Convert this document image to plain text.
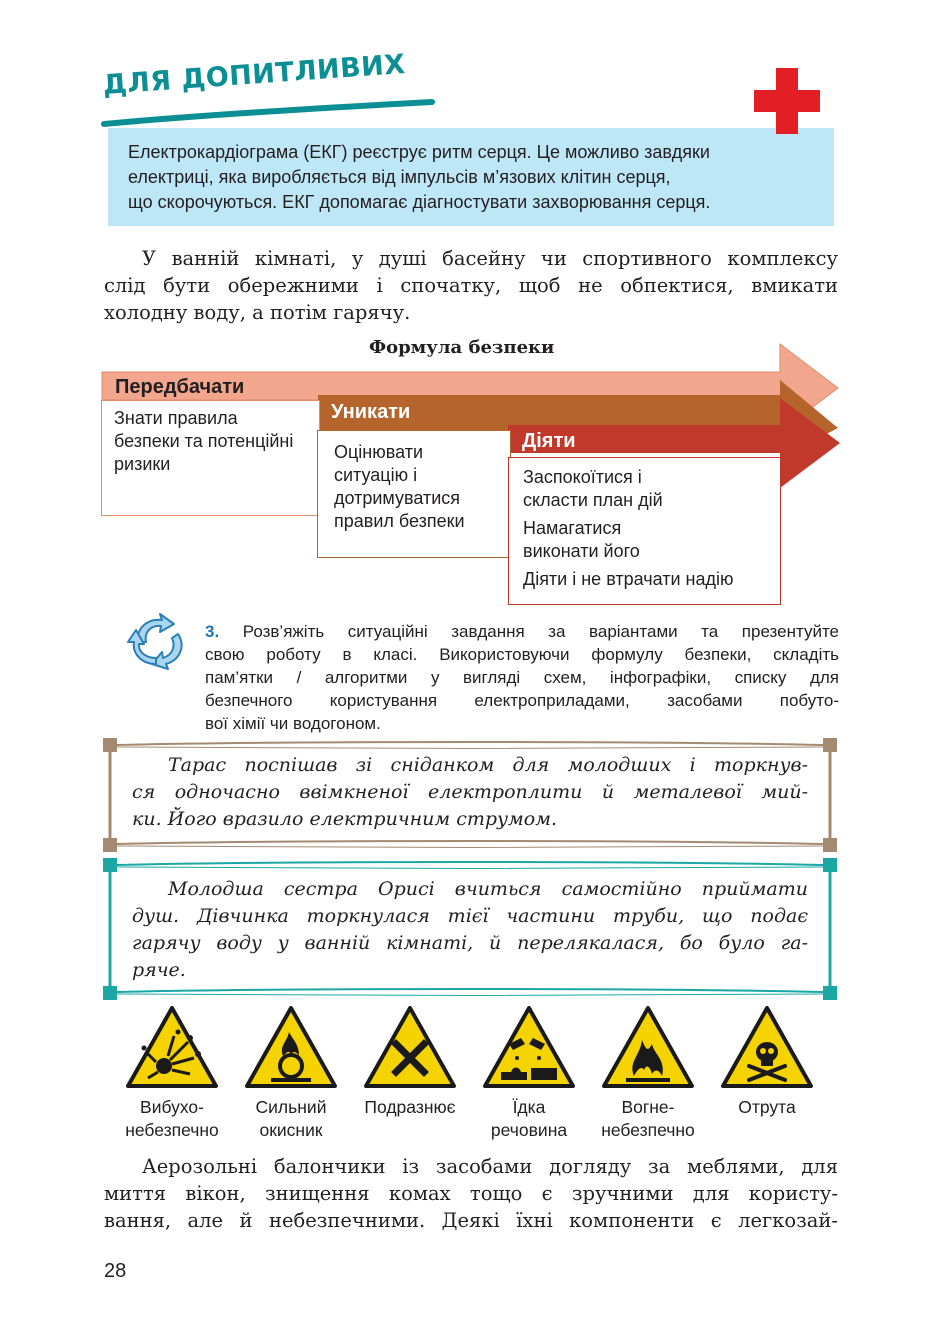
ДЛЯ ДОПИТЛИВИХ
Електрокардіограма (ЕКГ) реєструє ритм серця. Це можливо завдяки
електриці, яка виробляється від імпульсів м’язових клітин серця,
що скорочуються. ЕКГ допомагає діагностувати захворювання серця.
У ванній кімнаті, у душі басейну чи спортивного комплексу
слід бути обережними і спочатку, щоб не обпектися, вмикати
холодну воду, а потім гарячу.
Формула безпеки
Передбачати
Знати правила безпеки та потенційні ризики
Уникати
Оцінювати ситуацію і дотримуватися правил безпеки
Діяти
Заспокоїтися і скласти план дій
Намагатися виконати його
Діяти і не втрачати надію
3. Розв’яжіть ситуаційні завдання за варіантами та презентуйте
свою роботу в класі. Використовуючи формулу безпеки, складіть
пам’ятки / алгоритми у вигляді схем, інфографіки, списку для
безпечного користування електроприладами, засобами побуто-
вої хімії чи водогоном.
Тарас поспішав зі сніданком для молодших і торкнув-
ся одночасно ввімкненої електроплити й металевої мий-
ки. Його вразило електричним струмом.
Молодша сестра Орисі вчиться самостійно приймати
душ. Дівчинка торкнулася тієї частини труби, що подає
гарячу воду у ванній кімнаті, й перелякалася, бо було га-
ряче.
Вибухо-
небезпечно
Сильний
окисник
Подразнює	Їдка
речовина
Вогне-
небезпечно
Отрута
Аерозольні балончики із засобами догляду за меблями, для
миття вікон, знищення комах тощо є зручними для користу-
вання, але й небезпечними. Деякі їхні компоненти є легкозай-
28
